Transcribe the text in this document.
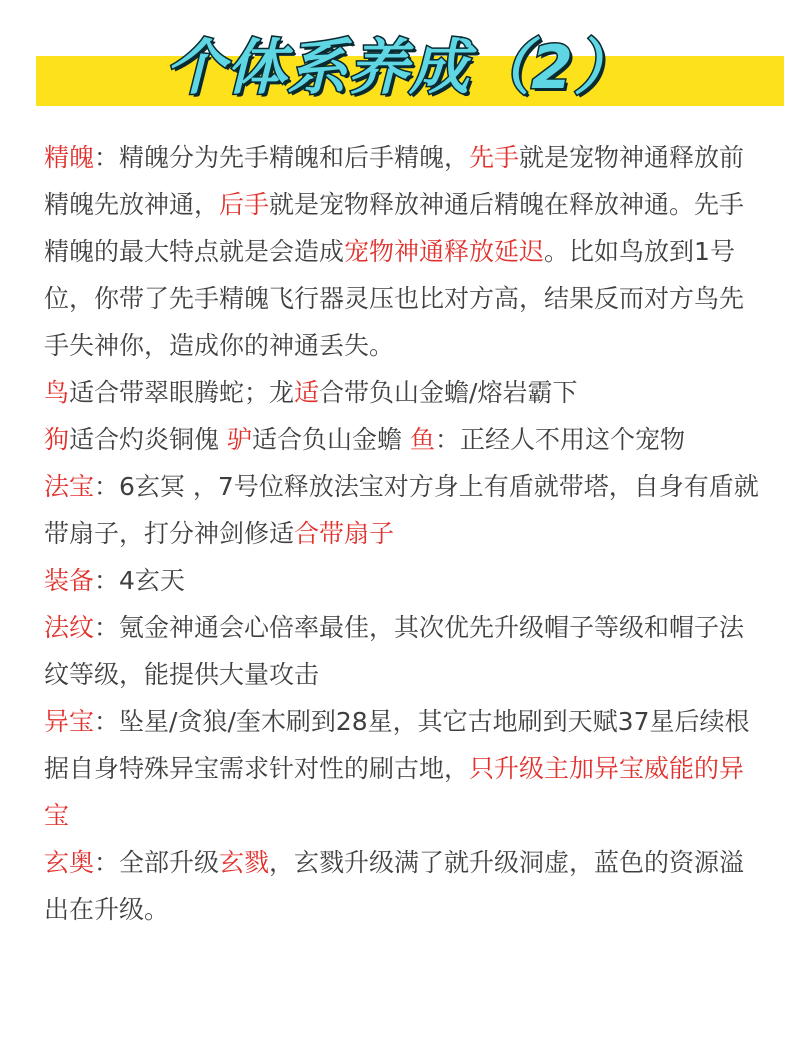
个体系养成（2）

精魄：精魄分为先手精魄和后手精魄，先手就是宠物神通释放前精魄先放神通，后手就是宠物释放神通后精魄在释放神通。先手精魄的最大特点就是会造成宠物神通释放延迟。比如鸟放到1号位，你带了先手精魄飞行器灵压也比对方高，结果反而对方鸟先手失神你，造成你的神通丢失。

鸟适合带翠眼腾蛇；龙适合带负山金蟾/熔岩霸下

狗适合灼炎铜傀 驴适合负山金蟾 鱼：正经人不用这个宠物

法宝：6玄冥 ，7号位释放法宝对方身上有盾就带塔，自身有盾就带扇子，打分神剑修适合带扇子

装备：4玄天

法纹：氪金神通会心倍率最佳，其次优先升级帽子等级和帽子法纹等级，能提供大量攻击

异宝：坠星/贪狼/奎木刷到28星，其它古地刷到天赋37星后续根据自身特殊异宝需求针对性的刷古地，只升级主加异宝威能的异宝

玄奥：全部升级玄戮，玄戮升级满了就升级洞虚，蓝色的资源溢出在升级。
